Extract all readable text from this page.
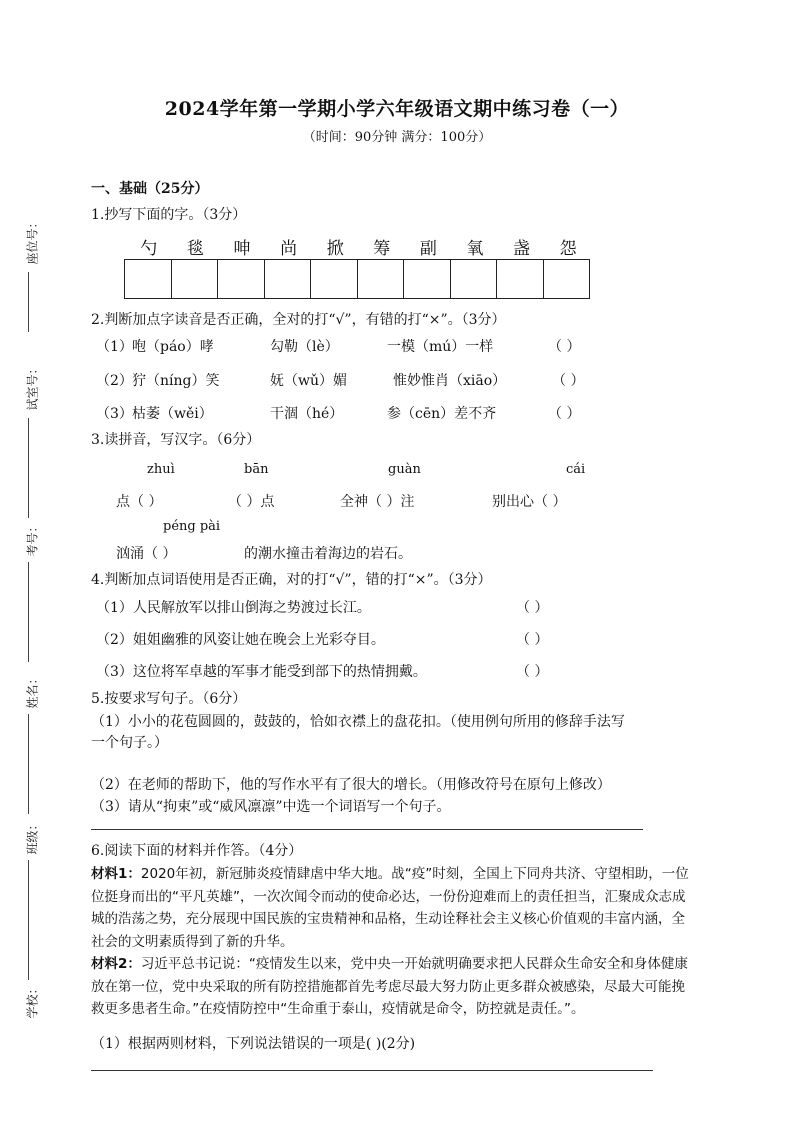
座位号：
试室号：
考号：
姓名：
班级：
学校：
2024学年第一学期小学六年级语文期中练习卷（一）
（时间：90分钟 满分：100分）
一、基础（25分）
1.抄写下面的字。（3分）
勺	毯	呻	尚	掀	筹	副	氧	盏	怨
2.判断加点字读音是否正确，全对的打“√”，有错的打“×”。（3分）
（1） 咆（páo）哮	勾勒（lè）	一模（mú）一样	（ ）
（2） 狞（níng）笑	妩（wǔ）媚	惟妙惟肖（xiāo）	（ ）
（3） 枯萎（wěi）	干涸（hé）	参（cēn）差不齐	（ ）
3.读拼音，写汉字。（6分）
zhuì	bān	guàn	cái
点（ ）	（ ）点	全神（ ）注	别出心（ ）
péng pài
汹涌（ ）	的潮水撞击着海边的岩石。
4.判断加点词语使用是否正确，对的打“√”，错的打“×”。（3分）
（1）人民解放军以排山倒海之势渡过长江。	（ ）
（2）姐姐幽雅的风姿让她在晚会上光彩夺目。	（ ）
（3）这位将军卓越的军事才能受到部下的热情拥戴。	（ ）
5.按要求写句子。（6分）
（1）小小的花苞圆圆的，鼓鼓的，恰如衣襟上的盘花扣。（使用例句所用的修辞手法写
一个句子。）
（2）在老师的帮助下，他的写作水平有了很大的增长。（用修改符号在原句上修改）
（3）请从“拘束”或“威风凛凛”中选一个词语写一个句子。
6.阅读下面的材料并作答。（4分）
材料1：2020年初，新冠肺炎疫情肆虐中华大地。战“疫”时刻，全国上下同舟共济、守望相助，一位位挺身而出的“平凡英雄”，一次次闻令而动的使命必达，一份份迎难而上的责任担当，汇聚成众志成城的浩荡之势，充分展现中国民族的宝贵精神和品格，生动诠释社会主义核心价值观的丰富内涵，全社会的文明素质得到了新的升华。
材料2：习近平总书记说：“疫情发生以来，党中央一开始就明确要求把人民群众生命安全和身体健康放在第一位，党中央采取的所有防控措施都首先考虑尽最大努力防止更多群众被感染，尽最大可能挽救更多患者生命。”在疫情防控中“生命重于泰山，疫情就是命令，防控就是责任。”。
（1）根据两则材料，下列说法错误的一项是( )(2分)
